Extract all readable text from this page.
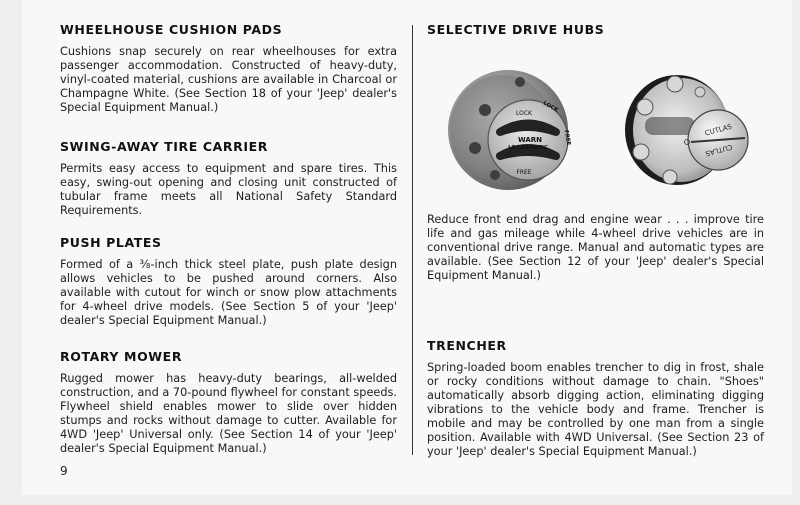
WHEELHOUSE CUSHION PADS

Cushions snap securely on rear wheelhouses for extra passenger accommodation. Constructed of heavy-duty, vinyl-coated material, cushions are available in Charcoal or Champagne White. (See Section 18 of your 'Jeep' dealer's Special Equipment Manual.)

SWING-AWAY TIRE CARRIER

Permits easy access to equipment and spare tires. This easy, swing-out opening and closing unit constructed of tubular frame meets all National Safety Standard Requirements.

PUSH PLATES

Formed of a ⅜-inch thick steel plate, push plate design allows vehicles to be pushed around corners. Also available with cutout for winch or snow plow attachments for 4-wheel drive models. (See Section 5 of your 'Jeep' dealer's Special Equipment Manual.)

ROTARY MOWER

Rugged mower has heavy-duty bearings, all-welded construction, and a 70-pound flywheel for constant speeds. Flywheel shield enables mower to slide over hidden stumps and rocks without damage to cutter. Available for 4WD 'Jeep' Universal only. (See Section 14 of your 'Jeep' dealer's Special Equipment Manual.)

9
SELECTIVE DRIVE HUBS
WARN
LOCKOMATIC
LOCK
FREE
LOCK
FREE	CUTLAS
CUTLAS

Reduce front end drag and engine wear . . . improve tire life and gas mileage while 4-wheel drive vehicles are in conventional drive range. Manual and automatic types are available. (See Section 12 of your 'Jeep' dealer's Special Equipment Manual.)

TRENCHER

Spring-loaded boom enables trencher to dig in frost, shale or rocky conditions without damage to chain. "Shoes" automatically absorb digging action, eliminating digging vibrations to the vehicle body and frame. Trencher is mobile and may be controlled by one man from a single position. Available with 4WD Universal. (See Section 23 of your 'Jeep' dealer's Special Equipment Manual.)
